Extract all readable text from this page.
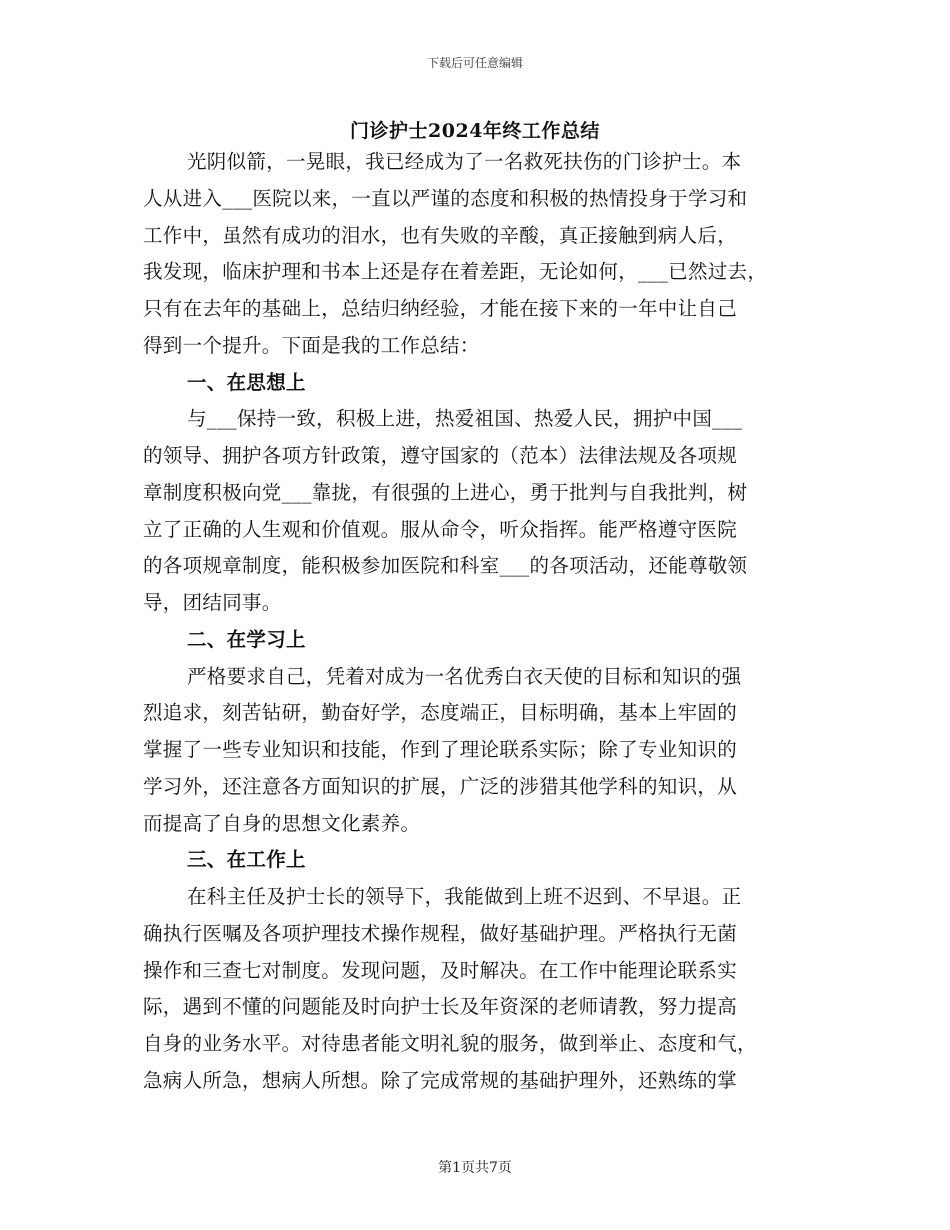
下载后可任意编辑
门诊护士2024年终工作总结
光阴似箭，一晃眼，我已经成为了一名救死扶伤的门诊护士。本
人从进入___医院以来，一直以严谨的态度和积极的热情投身于学习和
工作中，虽然有成功的泪水，也有失败的辛酸，真正接触到病人后，
我发现，临床护理和书本上还是存在着差距，无论如何，___已然过去，
只有在去年的基础上，总结归纳经验，才能在接下来的一年中让自己
得到一个提升。下面是我的工作总结：
一、在思想上
与___保持一致，积极上进，热爱祖国、热爱人民，拥护中国___
的领导、拥护各项方针政策，遵守国家的（范本）法律法规及各项规
章制度积极向党___靠拢，有很强的上进心，勇于批判与自我批判，树
立了正确的人生观和价值观。服从命令，听众指挥。能严格遵守医院
的各项规章制度，能积极参加医院和科室___的各项活动，还能尊敬领
导，团结同事。
二、在学习上
严格要求自己，凭着对成为一名优秀白衣天使的目标和知识的强
烈追求，刻苦钻研，勤奋好学，态度端正，目标明确，基本上牢固的
掌握了一些专业知识和技能，作到了理论联系实际；除了专业知识的
学习外，还注意各方面知识的扩展，广泛的涉猎其他学科的知识，从
而提高了自身的思想文化素养。
三、在工作上
在科主任及护士长的领导下，我能做到上班不迟到、不早退。正
确执行医嘱及各项护理技术操作规程，做好基础护理。严格执行无菌
操作和三查七对制度。发现问题，及时解决。在工作中能理论联系实
际，遇到不懂的问题能及时向护士长及年资深的老师请教，努力提高
自身的业务水平。对待患者能文明礼貌的服务，做到举止、态度和气，
急病人所急，想病人所想。除了完成常规的基础护理外，还熟练的掌
第1页共7页
